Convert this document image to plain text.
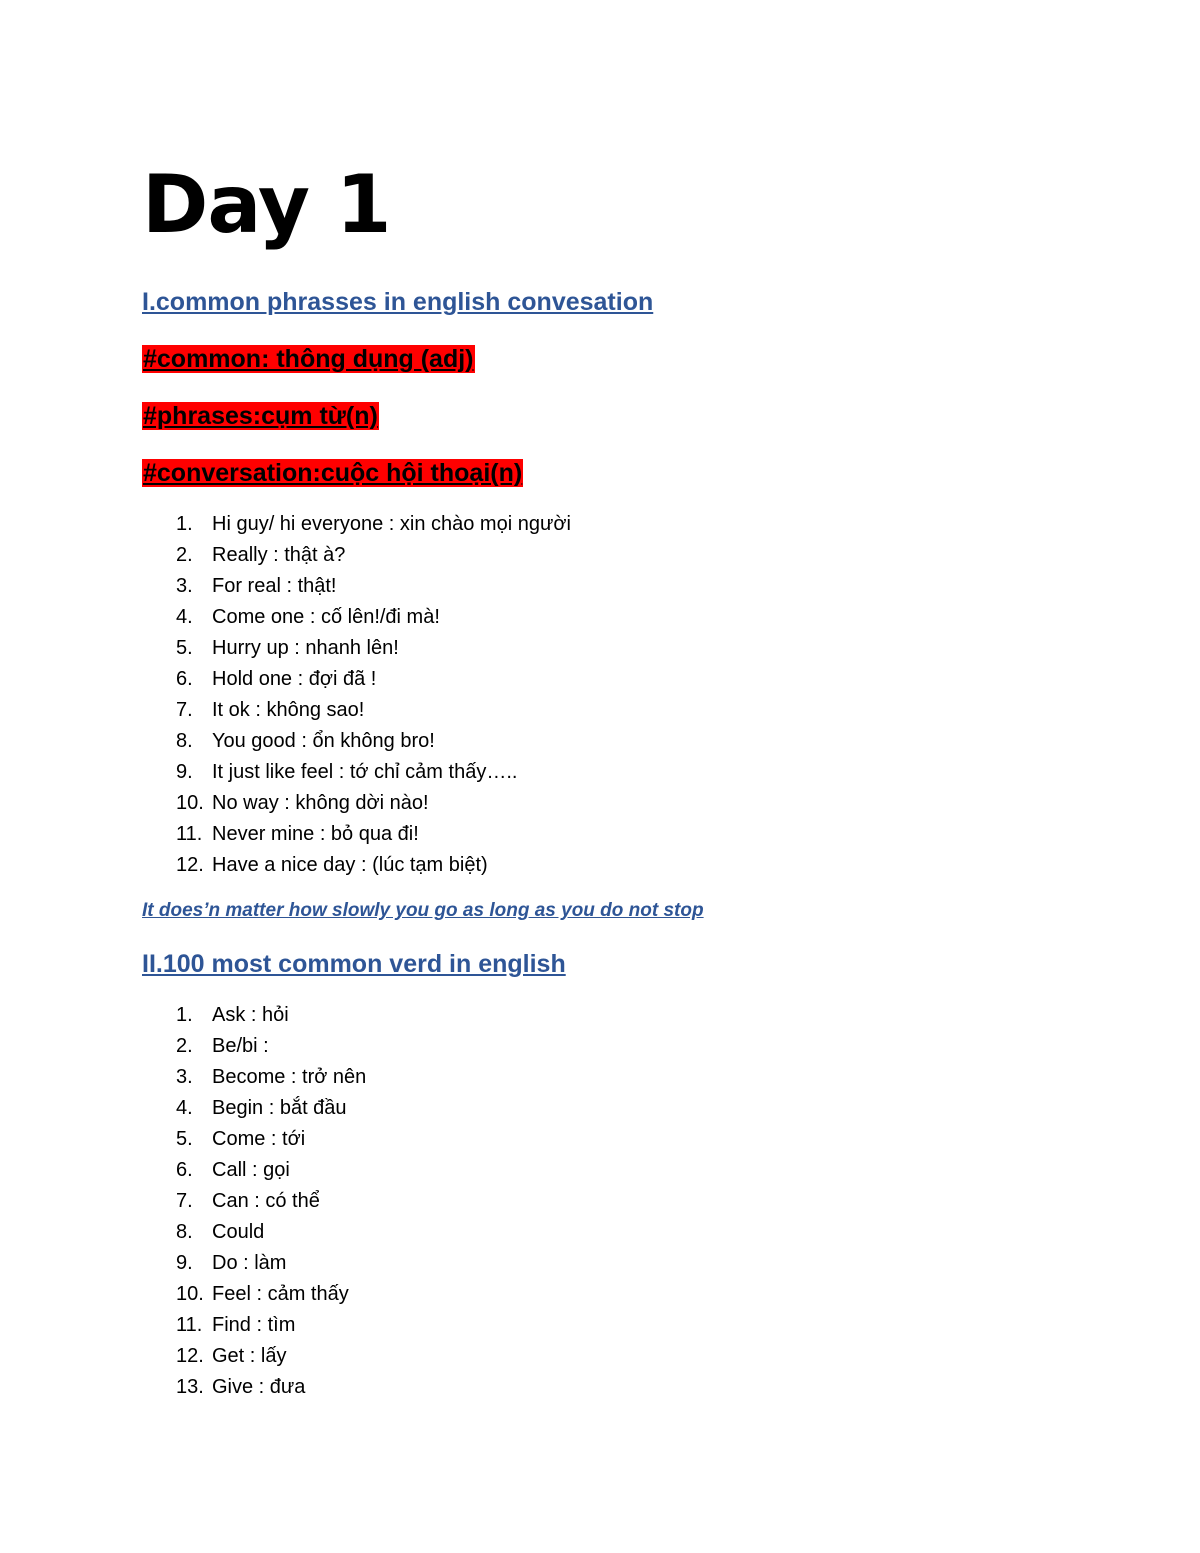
Day 1
I.common phrasses in english convesation
#common: thông dụng (adj)
#phrases:cụm từ(n)
#conversation:cuộc hội thoại(n)
1. Hi guy/ hi everyone : xin chào mọi người
2. Really : thật à?
3. For real : thật!
4. Come one : cố lên!/đi mà!
5. Hurry up : nhanh lên!
6. Hold one : đợi đã !
7. It ok : không sao!
8. You good : ổn không bro!
9. It just like feel : tớ chỉ cảm thấy…..
10. No way : không dời nào!
11. Never mine : bỏ qua đi!
12. Have a nice day : (lúc tạm biệt)
It does’n matter how slowly you go as long as you do not stop
II.100 most common verd in english
1. Ask : hỏi
2. Be/bi :
3. Become : trở nên
4. Begin : bắt đầu
5. Come : tới
6. Call : gọi
7. Can : có thể
8. Could
9. Do : làm
10. Feel : cảm thấy
11. Find : tìm
12. Get : lấy
13. Give : đưa
